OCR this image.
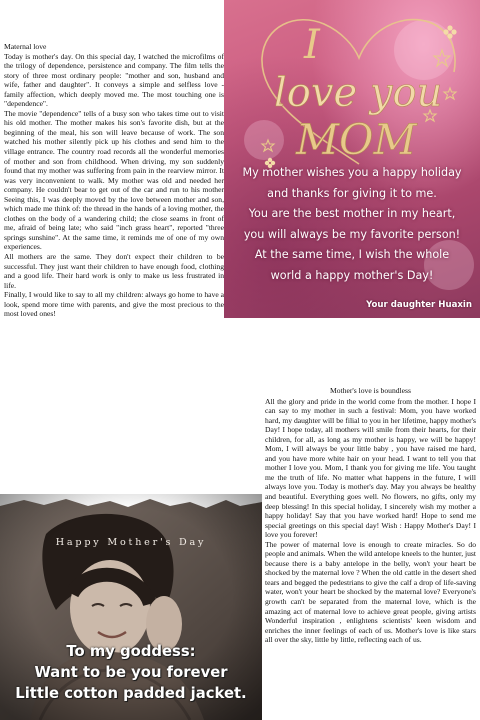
Maternal love

Today is mother's day. On this special day, I watched the microfilms of the trilogy of dependence, persistence and company. The film tells the story of three most ordinary people: "mother and son, husband and wife, father and daughter". It conveys a simple and selfless love - family affection, which deeply moved me. The most touching one is "dependence".

The movie "dependence" tells of a busy son who takes time out to visit his old mother. The mother makes his son's favorite dish, but at the beginning of the meal, his son will leave because of work. The son watched his mother silently pick up his clothes and send him to the village entrance. The country road records all the wonderful memories of mother and son from childhood. When driving, my son suddenly found that my mother was suffering from pain in the rearview mirror. It was very inconvenient to walk. My mother was old and needed her company. He couldn't bear to get out of the car and run to his mother Seeing this, I was deeply moved by the love between mother and son, which made me think of: the thread in the hands of a loving mother, the clothes on the body of a wandering child; the close seams in front of me, afraid of being late; who said "inch grass heart", reported "three springs sunshine". At the same time, it reminds me of one of my own experiences.

All mothers are the same. They don't expect their children to be successful. They just want their children to have enough food, clothing and a good life. Their hard work is only to make us less frustrated in life.

Finally, I would like to say to all my children: always go home to have a look, spend more time with parents, and give the most precious to the most loved ones!

I
love you
MOM
My mother wishes you a happy holiday
and thanks for giving it to me.
You are the best mother in my heart,
you will always be my favorite person!
At the same time, I wish the whole
world a happy mother's Day!
Your daughter Huaxin

Mother's love is boundless

All the glory and pride in the world come from the mother. I hope I can say to my mother in such a festival: Mom, you have worked hard, my daughter will be filial to you in her lifetime, happy mother's Day! I hope today, all mothers will smile from their hearts, for their children, for all, as long as my mother is happy, we will be happy! Mom, I will always be your little baby , you have raised me hard, and you have more white hair on your head. I want to tell you that mother I love you. Mom, I thank you for giving me life. You taught me the truth of life. No matter what happens in the future, I will always love you. Today is mother's day. May you always be healthy and beautiful. Everything goes well. No flowers, no gifts, only my deep blessing! In this special holiday, I sincerely wish my mother a happy holiday! Say that you have worked hard! Hope to send me special greetings on this special day! Wish : Happy Mother's Day! I love you forever!

The power of maternal love is enough to create miracles. So do people and animals. When the wild antelope kneels to the hunter, just because there is a baby antelope in the belly, won't your heart be shocked by the maternal love ? When the old cattle in the desert shed tears and begged the pedestrians to give the calf a drop of life-saving water, won't your heart be shocked by the maternal love? Everyone's growth can't be separated from the maternal love, which is the amazing act of maternal love to achieve great people, giving artists Wonderful inspiration , enlightens scientists' keen wisdom and enriches the inner feelings of each of us. Mother's love is like stars all over the sky, little by little, reflecting each of us.

Happy Mother's Day
To my goddess:
Want to be you forever
Little cotton padded jacket.
